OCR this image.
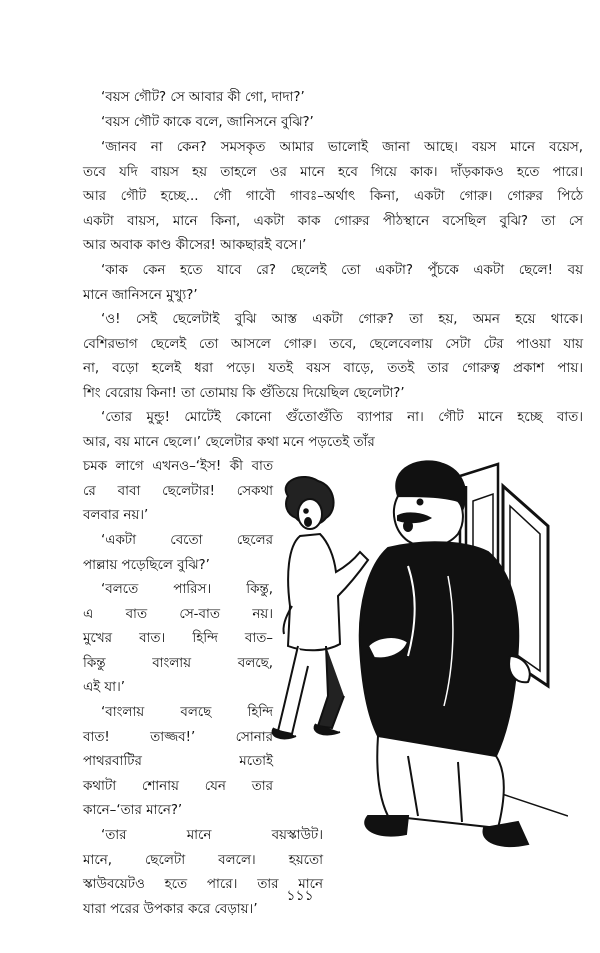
‘বয়স গৌট? সে আবার কী গো, দাদা?’

‘বয়স গৌট কাকে বলে, জানিসনে বুঝি?’

‘জানব না কেন? সমসকৃত আমার ভালোই জানা আছে। বয়স মানে বয়েস,
তবে যদি বায়স হয় তাহলে ওর মানে হবে গিয়ে কাক। দাঁড়কাকও হতে পারে।
আর গৌট হচ্ছে... গৌ গাবৌ গাবঃ–অর্থাৎ কিনা, একটা গোরু। গোরুর পিঠে
একটা বায়স, মানে কিনা, একটা কাক গোরুর পীঠস্থানে বসেছিল বুঝি? তা সে
আর অবাক কাণ্ড কীসের! আকছারই বসে।’

‘কাক কেন হতে যাবে রে? ছেলেই তো একটা? পুঁচকে একটা ছেলে! বয়
মানে জানিসনে মুখ্যু?’

‘ও! সেই ছেলেটাই বুঝি আস্ত একটা গোরু? তা হয়, অমন হয়ে থাকে।
বেশিরভাগ ছেলেই তো আসলে গোরু। তবে, ছেলেবেলায় সেটা টের পাওয়া যায়
না, বড়ো হলেই ধরা পড়ে। যতই বয়স বাড়ে, ততই তার গোরুত্ব প্রকাশ পায়।
শিং বেরোয় কিনা! তা তোমায় কি গুঁতিয়ে দিয়েছিল ছেলেটা?’

‘তোর মুন্ডু! মোটেই কোনো গুঁতোগুঁতি ব্যাপার না। গৌট মানে হচ্ছে বাত।
আর, বয় মানে ছেলে।’ ছেলেটার কথা মনে পড়তেই তাঁর
চমক লাগে এখনও–‘ইস! কী বাত
রে বাবা ছেলেটার! সেকথা
বলবার নয়।’

‘একটা বেতো ছেলের
পাল্লায় পড়েছিলে বুঝি?’

‘বলতে পারিস। কিন্তু,
এ বাত সে-বাত নয়।
মুখের বাত। হিন্দি বাত–
কিন্তু বাংলায় বলছে,
এই যা।’

‘বাংলায় বলছে হিন্দি
বাত! তাজ্জব!’ সোনার
পাথরবাটির মতোই
কথাটা শোনায় যেন তার
কানে–‘তার মানে?’

‘তার মানে বয়স্কাউট।
মানে, ছেলেটা বললে। হয়তো
স্কাউবয়েটও হতে পারে। তার মানে
যারা পরের উপকার করে বেড়ায়।’

১১১
